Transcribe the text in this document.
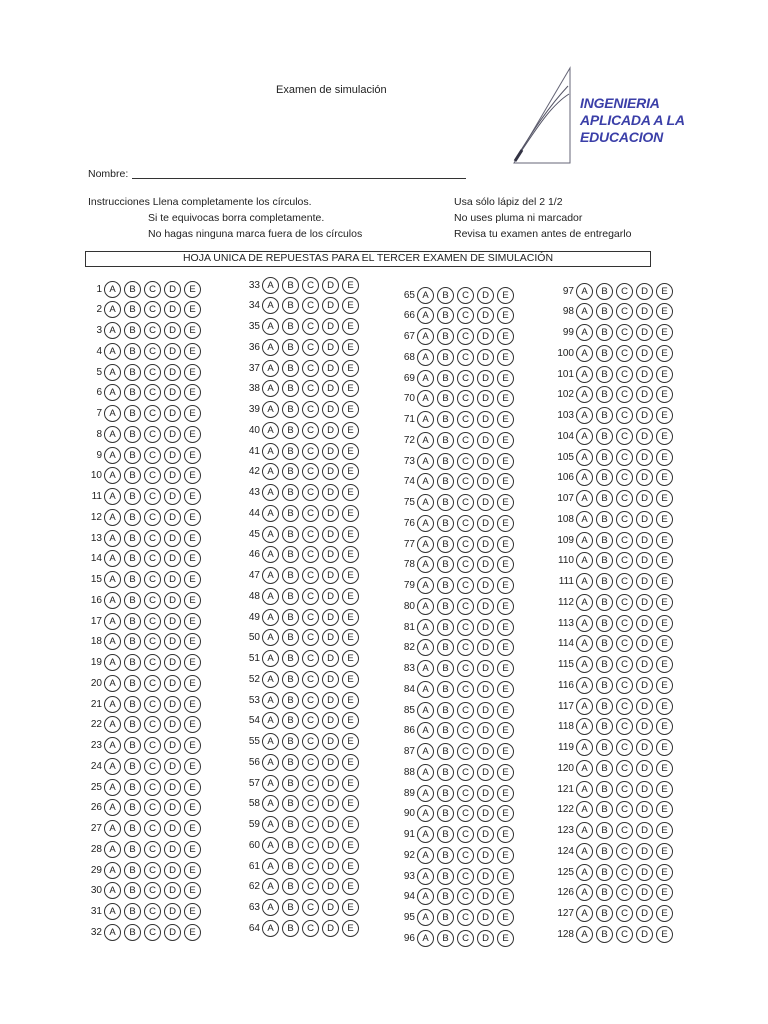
Examen de simulación
INGENIERIA
APLICADA A LA
EDUCACION
Nombre:
Instrucciones Llena completamente los círculos.
Si te equivocas borra completamente.
No hagas ninguna marca fuera de los círculos
Usa sólo lápiz del 2 1/2
No uses pluma ni marcador
Revisa tu examen antes de entregarlo
HOJA UNICA DE REPUESTAS PARA EL TERCER EXAMEN DE SIMULACIÓN
1 A	B	C	D	E
2 A	B	C	D	E
3 A	B	C	D	E
4 A	B	C	D	E
5 A	B	C	D	E
6 A	B	C	D	E
7 A	B	C	D	E
8 A	B	C	D	E
9 A	B	C	D	E
10 A	B	C	D	E
11 A	B	C	D	E
12 A	B	C	D	E
13 A	B	C	D	E
14 A	B	C	D	E
15 A	B	C	D	E
16 A	B	C	D	E
17 A	B	C	D	E
18 A	B	C	D	E
19 A	B	C	D	E
20 A	B	C	D	E
21 A	B	C	D	E
22 A	B	C	D	E
23 A	B	C	D	E
24 A	B	C	D	E
25 A	B	C	D	E
26 A	B	C	D	E
27 A	B	C	D	E
28 A	B	C	D	E
29 A	B	C	D	E
30 A	B	C	D	E
31 A	B	C	D	E
32 A	B	C	D	E
33 A	B	C	D	E
34 A	B	C	D	E
35 A	B	C	D	E
36 A	B	C	D	E
37 A	B	C	D	E
38 A	B	C	D	E
39 A	B	C	D	E
40 A	B	C	D	E
41 A	B	C	D	E
42 A	B	C	D	E
43 A	B	C	D	E
44 A	B	C	D	E
45 A	B	C	D	E
46 A	B	C	D	E
47 A	B	C	D	E
48 A	B	C	D	E
49 A	B	C	D	E
50 A	B	C	D	E
51 A	B	C	D	E
52 A	B	C	D	E
53 A	B	C	D	E
54 A	B	C	D	E
55 A	B	C	D	E
56 A	B	C	D	E
57 A	B	C	D	E
58 A	B	C	D	E
59 A	B	C	D	E
60 A	B	C	D	E
61 A	B	C	D	E
62 A	B	C	D	E
63 A	B	C	D	E
64 A	B	C	D	E
65 A	B	C	D	E
66 A	B	C	D	E
67 A	B	C	D	E
68 A	B	C	D	E
69 A	B	C	D	E
70 A	B	C	D	E
71 A	B	C	D	E
72 A	B	C	D	E
73 A	B	C	D	E
74 A	B	C	D	E
75 A	B	C	D	E
76 A	B	C	D	E
77 A	B	C	D	E
78 A	B	C	D	E
79 A	B	C	D	E
80 A	B	C	D	E
81 A	B	C	D	E
82 A	B	C	D	E
83 A	B	C	D	E
84 A	B	C	D	E
85 A	B	C	D	E
86 A	B	C	D	E
87 A	B	C	D	E
88 A	B	C	D	E
89 A	B	C	D	E
90 A	B	C	D	E
91 A	B	C	D	E
92 A	B	C	D	E
93 A	B	C	D	E
94 A	B	C	D	E
95 A	B	C	D	E
96 A	B	C	D	E
97 A	B	C	D	E
98 A	B	C	D	E
99 A	B	C	D	E
100 A	B	C	D	E
101 A	B	C	D	E
102 A	B	C	D	E
103 A	B	C	D	E
104 A	B	C	D	E
105 A	B	C	D	E
106 A	B	C	D	E
107 A	B	C	D	E
108 A	B	C	D	E
109 A	B	C	D	E
110 A	B	C	D	E
111 A	B	C	D	E
112 A	B	C	D	E
113 A	B	C	D	E
114 A	B	C	D	E
115 A	B	C	D	E
116 A	B	C	D	E
117 A	B	C	D	E
118 A	B	C	D	E
119 A	B	C	D	E
120 A	B	C	D	E
121 A	B	C	D	E
122 A	B	C	D	E
123 A	B	C	D	E
124 A	B	C	D	E
125 A	B	C	D	E
126 A	B	C	D	E
127 A	B	C	D	E
128 A	B	C	D	E
